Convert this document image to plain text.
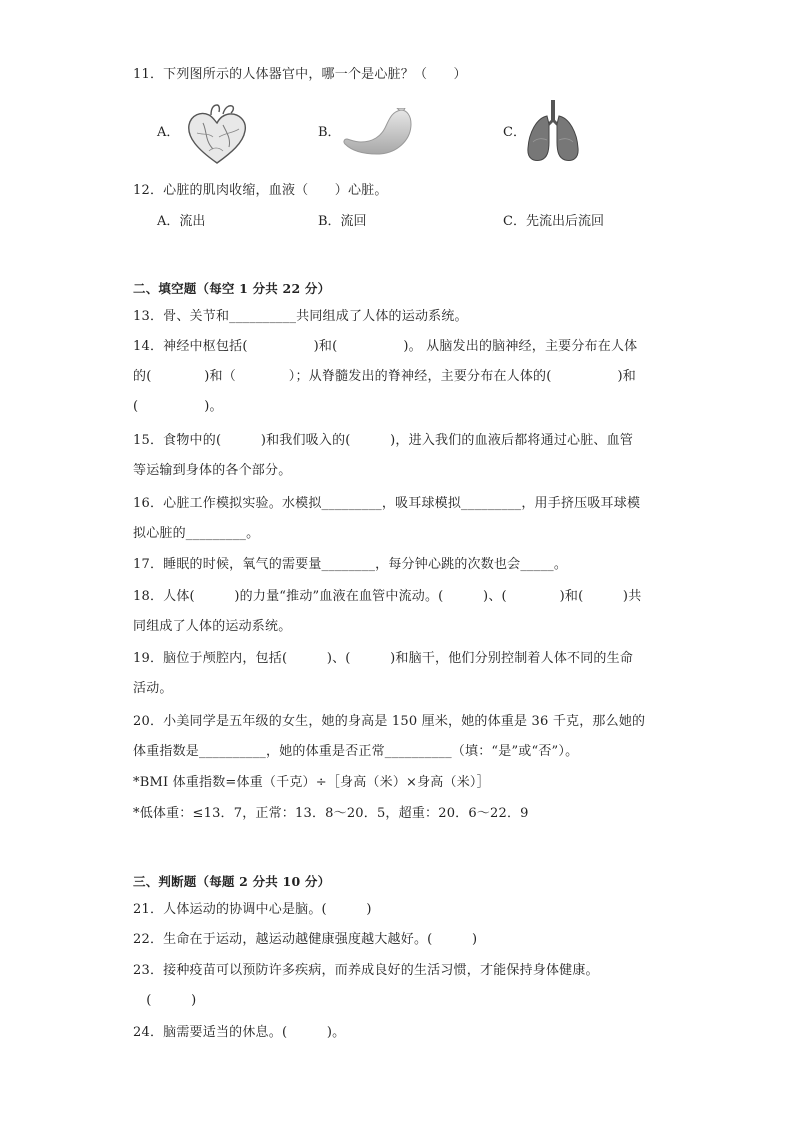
11．下列图所示的人体器官中，哪一个是心脏？（　　）
A．	B．	C．
12．心脏的肌肉收缩，血液（　　）心脏。
A．流出	B．流回	C．先流出后流回
二、填空题（每空 1 分共 22 分）
13．骨、关节和__________共同组成了人体的运动系统。
14．神经中枢包括(　　　　　)和(　　　　　)。 从脑发出的脑神经，主要分布在人体
的(　　　　)和（　　　　）；从脊髓发出的脊神经，主要分布在人体的(　　　　　)和
(　　　　　)。
15．食物中的(　　　)和我们吸入的(　　　)，进入我们的血液后都将通过心脏、血管
等运输到身体的各个部分。
16．心脏工作模拟实验。水模拟_________，吸耳球模拟_________，用手挤压吸耳球模
拟心脏的_________。
17．睡眠的时候，氧气的需要量________，每分钟心跳的次数也会_____。
18．人体(　　　)的力量“推动”血液在血管中流动。(　　　)、(　　　　)和(　　　)共
同组成了人体的运动系统。
19．脑位于颅腔内，包括(　　　)、(　　　)和脑干，他们分别控制着人体不同的生命
活动。
20．小美同学是五年级的女生，她的身高是 150 厘米，她的体重是 36 千克，那么她的
体重指数是__________，她的体重是否正常__________（填：“是”或“否”）。
*BMI 体重指数=体重（千克）÷［身高（米）×身高（米）］
*低体重：≤13．7，正常：13．8～20．5，超重：20．6～22．9
三、判断题（每题 2 分共 10 分）
21．人体运动的协调中心是脑。(　　　)
22．生命在于运动，越运动越健康强度越大越好。(　　　)
23．接种疫苗可以预防许多疾病，而养成良好的生活习惯，才能保持身体健康。
　(　　　)
24．脑需要适当的休息。(　　　)。
